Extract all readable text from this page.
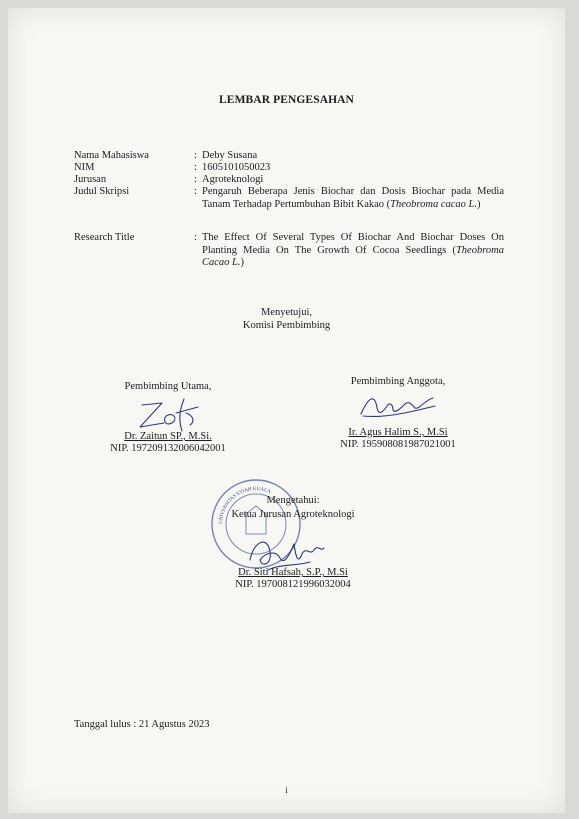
LEMBAR PENGESAHAN
Nama Mahasiswa	: Deby Susana
NIM	: 1605101050023
Jurusan	: Agroteknologi
Judul Skripsi	: Pengaruh Beberapa Jenis Biochar dan Dosis Biochar pada Media Tanam Terhadap Pertumbuhan Bibit Kakao (Theobroma cacao L.)
Research Title	: The Effect Of Several Types Of Biochar And Biochar Doses On Planting Media On The Growth Of Cocoa Seedlings (Theobroma Cacao L.)
Menyetujui,
Komisi Pembimbing
Pembimbing Utama,
Dr. Zaitun SP., M.Si.
NIP. 197209132006042001
Pembimbing Anggota,
Ir. Agus Halim S., M.Si
NIP. 195908081987021001
UNIVERSITAS SYIAH KUALA
Mengetahui:
Ketua Jurusan Agroteknologi
Dr. Siti Hafsah, S.P., M.Si
NIP. 197008121996032004
Tanggal lulus : 21 Agustus 2023
i
